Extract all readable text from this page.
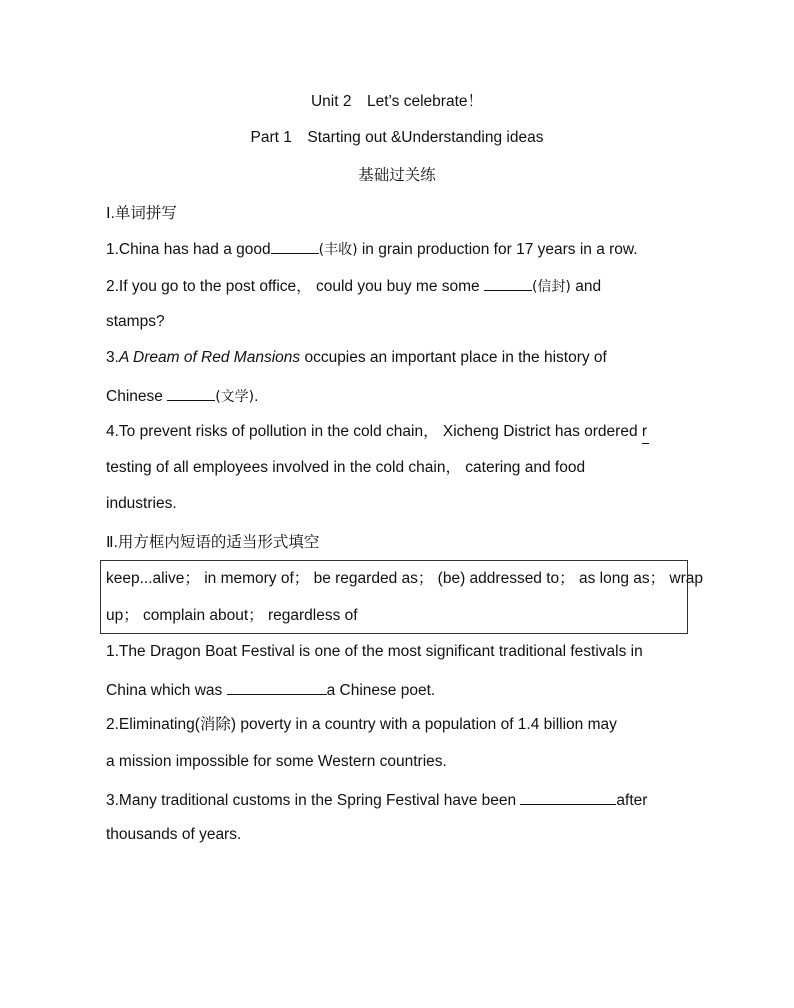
Unit 2　Let’s celebrate！
Part 1　Starting out &Understanding ideas
基础过关练
Ⅰ.单词拼写
1.China has had a good	(丰收) in grain production for 17 years in a row.
2.If you go to the post office， could you buy me some	(信封) and
stamps?
3.A Dream of Red Mansions occupies an important place in the history of
Chinese	(文学).
4.To prevent risks of pollution in the cold chain， Xicheng District has ordered r
testing of all employees involved in the cold chain， catering and food
industries.
Ⅱ.用方框内短语的适当形式填空
keep...alive； in memory of； be regarded as； (be) addressed to； as long as； wrap
up； complain about； regardless of
1.The Dragon Boat Festival is one of the most significant traditional festivals in
China which was	a Chinese poet.
2.Eliminating(消除) poverty in a country with a population of 1.4 billion may
a mission impossible for some Western countries.
3.Many traditional customs in the Spring Festival have been	after
thousands of years.
